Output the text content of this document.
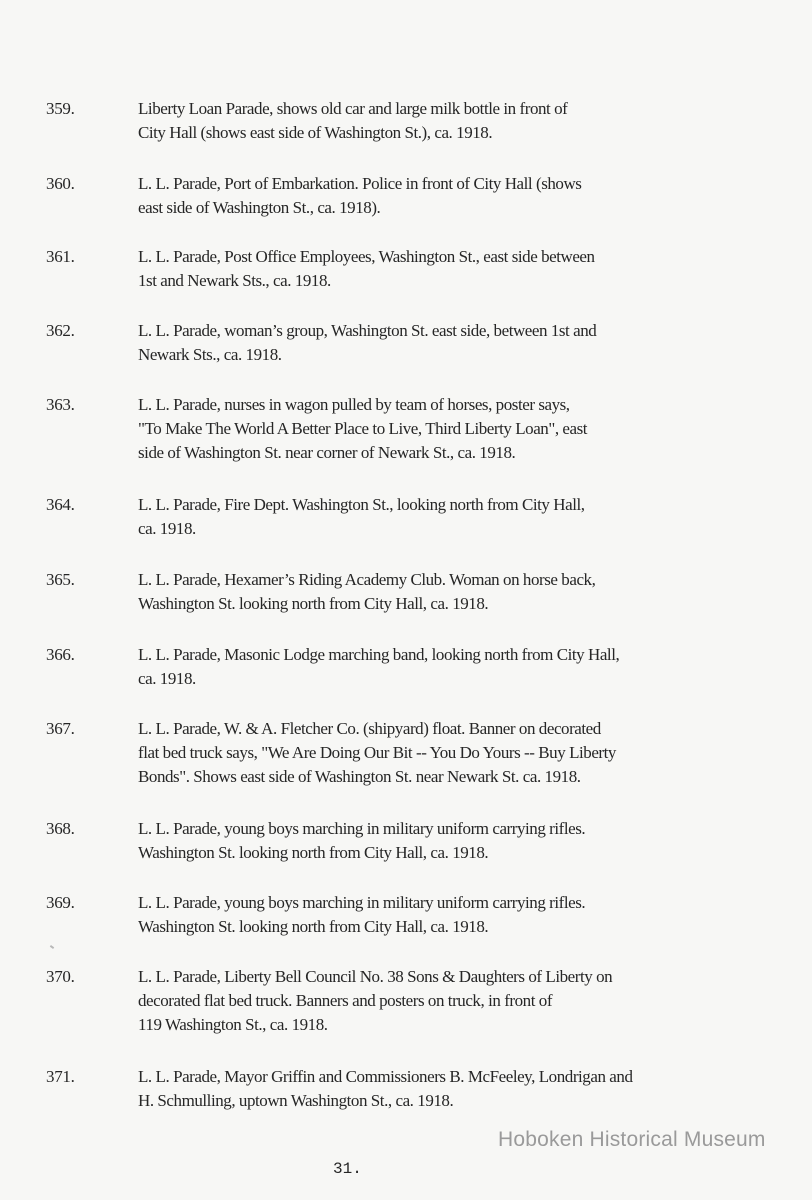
359.	Liberty Loan Parade, shows old car and large milk bottle in front of
City Hall (shows east side of Washington St.), ca. 1918.
360.	L. L. Parade, Port of Embarkation. Police in front of City Hall (shows
east side of Washington St., ca. 1918).
361.	L. L. Parade, Post Office Employees, Washington St., east side between
1st and Newark Sts., ca. 1918.
362.	L. L. Parade, woman’s group, Washington St. east side, between 1st and
Newark Sts., ca. 1918.
363.	L. L. Parade, nurses in wagon pulled by team of horses, poster says,
"To Make The World A Better Place to Live, Third Liberty Loan", east
side of Washington St. near corner of Newark St., ca. 1918.
364.	L. L. Parade, Fire Dept. Washington St., looking north from City Hall,
ca. 1918.
365.	L. L. Parade, Hexamer’s Riding Academy Club. Woman on horse back,
Washington St. looking north from City Hall, ca. 1918.
366.	L. L. Parade, Masonic Lodge marching band, looking north from City Hall,
ca. 1918.
367.	L. L. Parade, W. & A. Fletcher Co. (shipyard) float. Banner on decorated
flat bed truck says, "We Are Doing Our Bit -- You Do Yours -- Buy Liberty
Bonds". Shows east side of Washington St. near Newark St. ca. 1918.
368.	L. L. Parade, young boys marching in military uniform carrying rifles.
Washington St. looking north from City Hall, ca. 1918.
369.	L. L. Parade, young boys marching in military uniform carrying rifles.
Washington St. looking north from City Hall, ca. 1918.
370.	L. L. Parade, Liberty Bell Council No. 38 Sons & Daughters of Liberty on
decorated flat bed truck. Banners and posters on truck, in front of
119 Washington St., ca. 1918.
371.	L. L. Parade, Mayor Griffin and Commissioners B. McFeeley, Londrigan and
H. Schmulling, uptown Washington St., ca. 1918.
Hoboken Historical Museum
31.
